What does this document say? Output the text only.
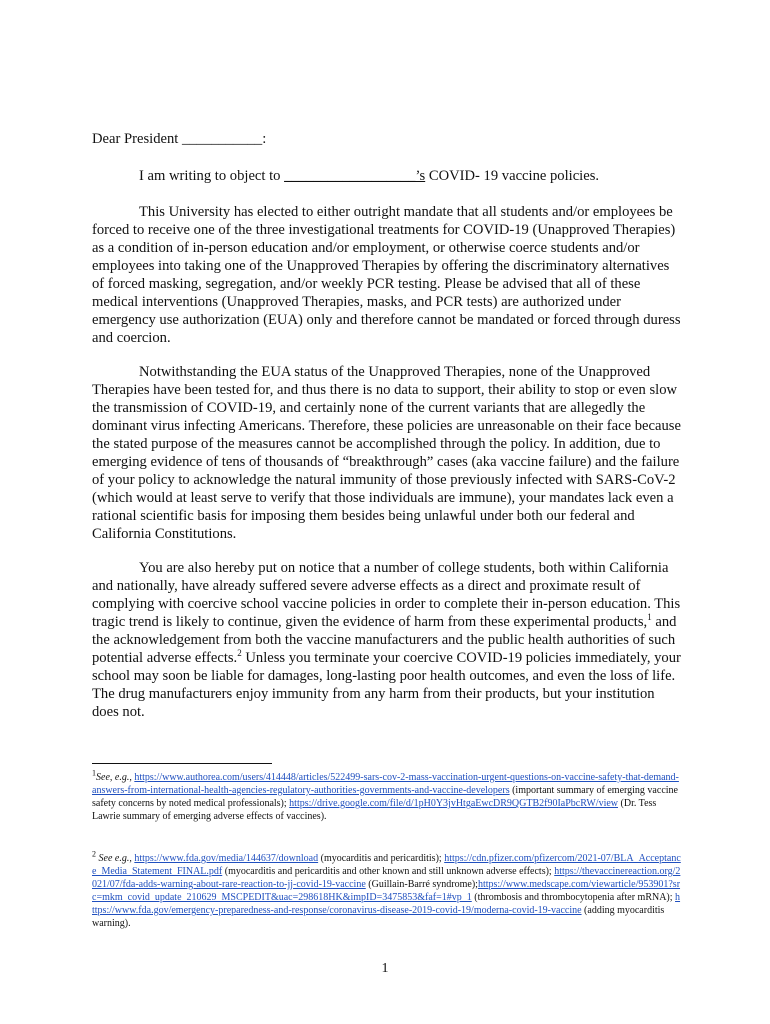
Dear President ___________:

I am writing to object to __________________’s COVID- 19 vaccine policies.

This University has elected to either outright mandate that all students and/or employees be forced to receive one of the three investigational treatments for COVID-19 (Unapproved Therapies) as a condition of in-person education and/or employment, or otherwise coerce students and/or employees into taking one of the Unapproved Therapies by offering the discriminatory alternatives of forced masking, segregation, and/or weekly PCR testing. Please be advised that all of these medical interventions (Unapproved Therapies, masks, and PCR tests) are authorized under emergency use authorization (EUA) only and therefore cannot be mandated or forced through duress and coercion.

Notwithstanding the EUA status of the Unapproved Therapies, none of the Unapproved Therapies have been tested for, and thus there is no data to support, their ability to stop or even slow the transmission of COVID-19, and certainly none of the current variants that are allegedly the dominant virus infecting Americans. Therefore, these policies are unreasonable on their face because the stated purpose of the measures cannot be accomplished through the policy. In addition, due to emerging evidence of tens of thousands of “breakthrough” cases (aka vaccine failure) and the failure of your policy to acknowledge the natural immunity of those previously infected with SARS-CoV-2 (which would at least serve to verify that those individuals are immune), your mandates lack even a rational scientific basis for imposing them besides being unlawful under both our federal and California Constitutions.

You are also hereby put on notice that a number of college students, both within California and nationally, have already suffered severe adverse effects as a direct and proximate result of complying with coercive school vaccine policies in order to complete their in-person education. This tragic trend is likely to continue, given the evidence of harm from these experimental products,$^1$ and the acknowledgement from both the vaccine manufacturers and the public health authorities of such potential adverse effects.$^2$ Unless you terminate your coercive COVID-19 policies immediately, your school may soon be liable for damages, long-lasting poor health outcomes, and even the loss of life. The drug manufacturers enjoy immunity from any harm from their products, but your institution does not.

$^1$See, e.g., https://www.authorea.com/users/414448/articles/522499-sars-cov-2-mass-vaccination-urgent-questions-on-vaccine-safety-that-demand-answers-from-international-health-agencies-regulatory-authorities-governments-and-vaccine-developers (important summary of emerging vaccine safety concerns by noted medical professionals); https://drive.google.com/file/d/1pH0Y3jvHtgaEwcDR9QGTB2f90IaPbcRW/view (Dr. Tess Lawrie summary of emerging adverse effects of vaccines).

$^2$ See e.g., https://www.fda.gov/media/144637/download (myocarditis and pericarditis); https://cdn.pfizer.com/pfizercom/2021-07/BLA_Acceptance_Media_Statement_FINAL.pdf (myocarditis and pericarditis and other known and still unknown adverse effects); https://thevaccinereaction.org/2021/07/fda-adds-warning-about-rare-reaction-to-jj-covid-19-vaccine (Guillain-Barré syndrome);https://www.medscape.com/viewarticle/953901?src=mkm_covid_update_210629_MSCPEDIT&uac=298618HK&impID=3475853&faf=1#vp_1 (thrombosis and thrombocytopenia after mRNA); https://www.fda.gov/emergency-preparedness-and-response/coronavirus-disease-2019-covid-19/moderna-covid-19-vaccine (adding myocarditis warning).

1
